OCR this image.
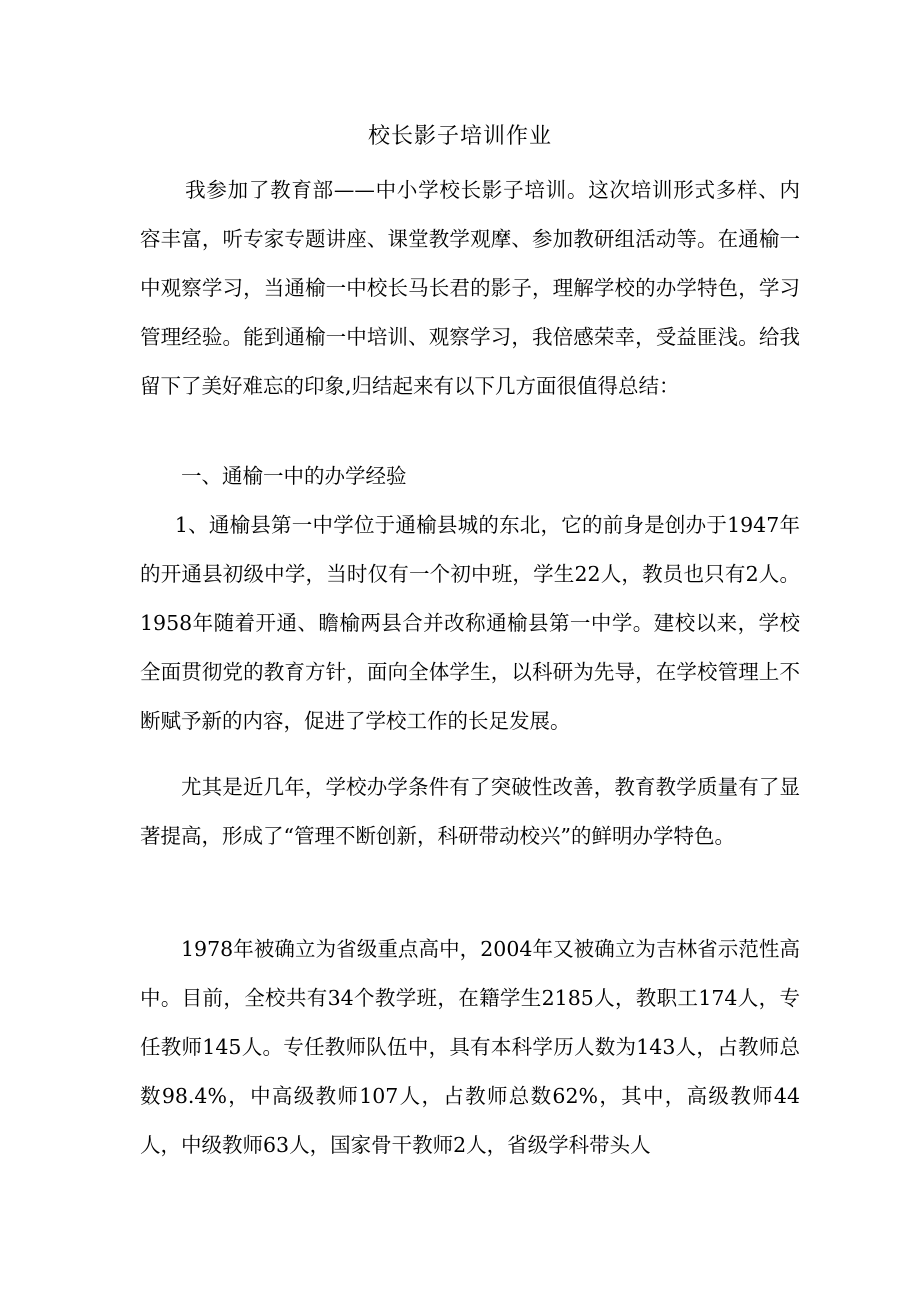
校长影子培训作业

我参加了教育部——中小学校长影子培训。这次培训形式多样、内容丰富，听专家专题讲座、课堂教学观摩、参加教研组活动等。在通榆一中观察学习，当通榆一中校长马长君的影子，理解学校的办学特色，学习管理经验。能到通榆一中培训、观察学习，我倍感荣幸，受益匪浅。给我留下了美好难忘的印象,归结起来有以下几方面很值得总结：

一、通榆一中的办学经验

1、通榆县第一中学位于通榆县城的东北，它的前身是创办于1947年的开通县初级中学，当时仅有一个初中班，学生22人，教员也只有2人。1958年随着开通、瞻榆两县合并改称通榆县第一中学。建校以来，学校全面贯彻党的教育方针，面向全体学生，以科研为先导，在学校管理上不断赋予新的内容，促进了学校工作的长足发展。

尤其是近几年，学校办学条件有了突破性改善，教育教学质量有了显著提高，形成了“管理不断创新，科研带动校兴”的鲜明办学特色。

1978年被确立为省级重点高中，2004年又被确立为吉林省示范性高中。目前，全校共有34个教学班，在籍学生2185人，教职工174人，专任教师145人。专任教师队伍中，具有本科学历人数为143人，占教师总数98.4%，中高级教师107人，占教师总数62%，其中，高级教师44人，中级教师63人，国家骨干教师2人，省级学科带头人
